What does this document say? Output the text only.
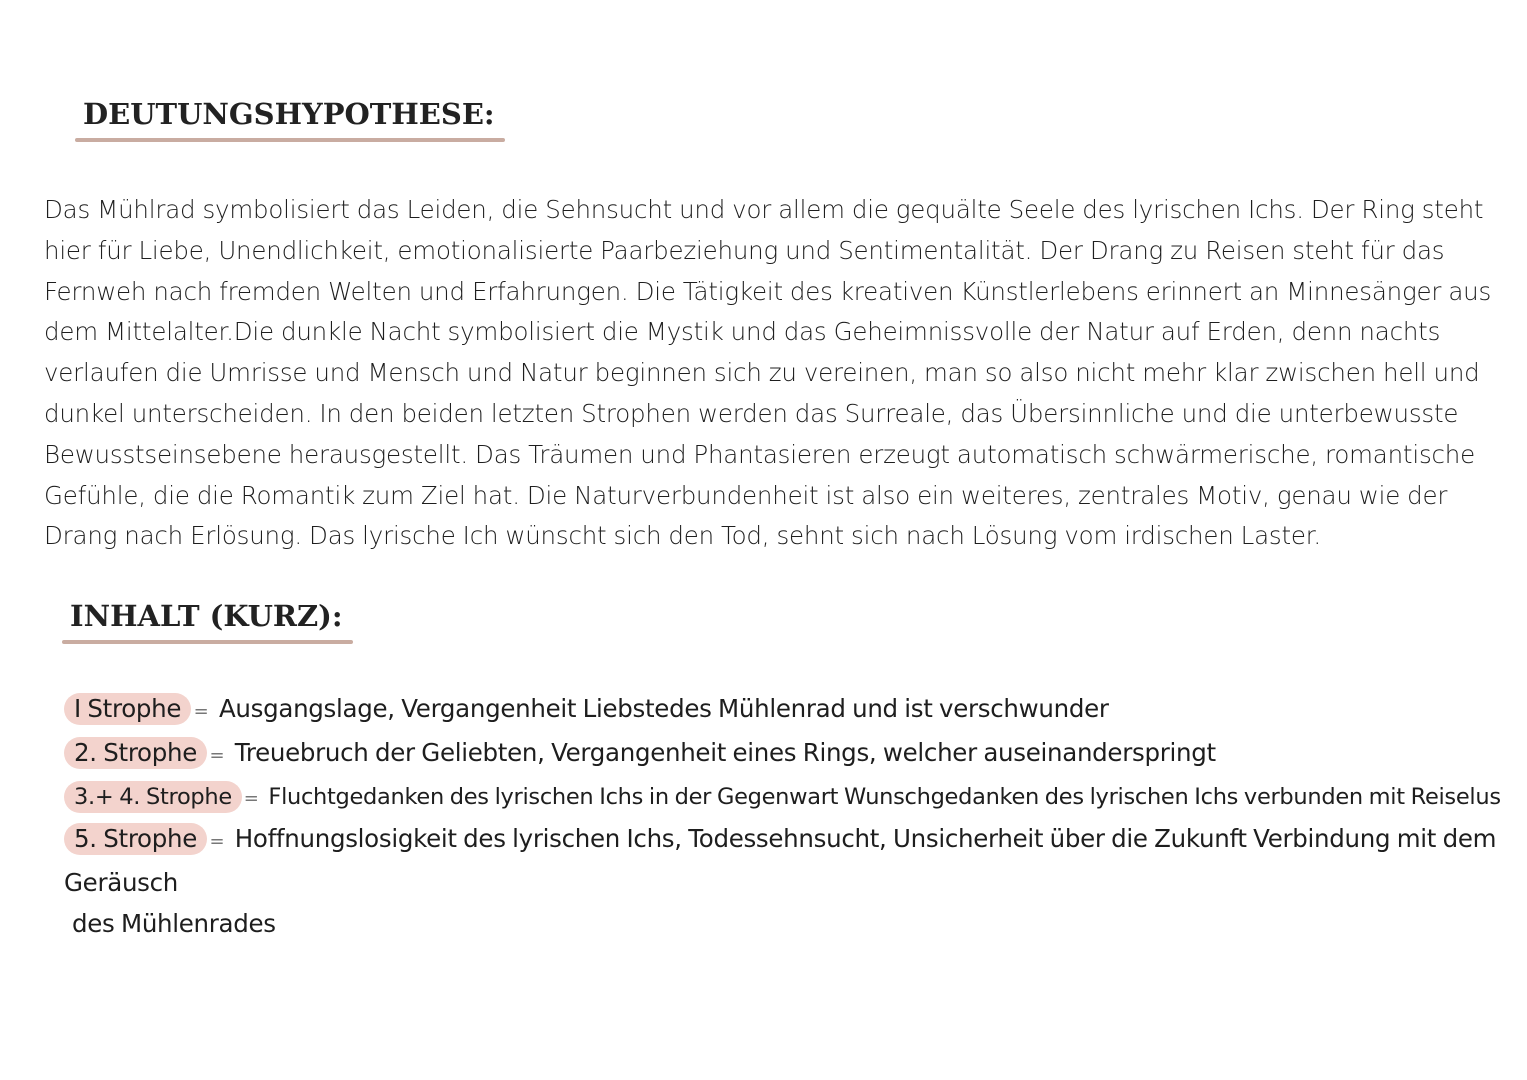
DEUTUNGSHYPOTHESE:

Das Mühlrad symbolisiert das Leiden, die Sehnsucht und vor allem die gequälte Seele des lyrischen Ichs. Der Ring steht hier für Liebe, Unendlichkeit, emotionalisierte Paarbeziehung und Sentimentalität. Der Drang zu Reisen steht für das Fernweh nach fremden Welten und Erfahrungen. Die Tätigkeit des kreativen Künstlerlebens erinnert an Minnesänger aus dem Mittelalter.Die dunkle Nacht symbolisiert die Mystik und das Geheimnissvolle der Natur auf Erden, denn nachts verlaufen die Umrisse und Mensch und Natur beginnen sich zu vereinen, man so also nicht mehr klar zwischen hell und dunkel unterscheiden. In den beiden letzten Strophen werden das Surreale, das Übersinnliche und die unterbewusste Bewusstseinsebene herausgestellt. Das Träumen und Phantasieren erzeugt automatisch schwärmerische, romantische Gefühle, die die Romantik zum Ziel hat. Die Naturverbundenheit ist also ein weiteres, zentrales Motiv, genau wie der Drang nach Erlösung. Das lyrische Ich wünscht sich den Tod, sehnt sich nach Lösung vom irdischen Laster.

INHALT (KURZ):
I Strophe = Ausgangslage, Vergangenheit Liebstedes Mühlenrad und ist verschwunder
2. Strophe = Treuebruch der Geliebten, Vergangenheit eines Rings, welcher auseinanderspringt
3.+ 4. Strophe = Fluchtgedanken des lyrischen Ichs in der Gegenwart Wunschgedanken des lyrischen Ichs verbunden mit Reiselus
5. Strophe = Hoffnungslosigkeit des lyrischen Ichs, Todessehnsucht, Unsicherheit über die Zukunft Verbindung mit dem Geräusch
des Mühlenrades
